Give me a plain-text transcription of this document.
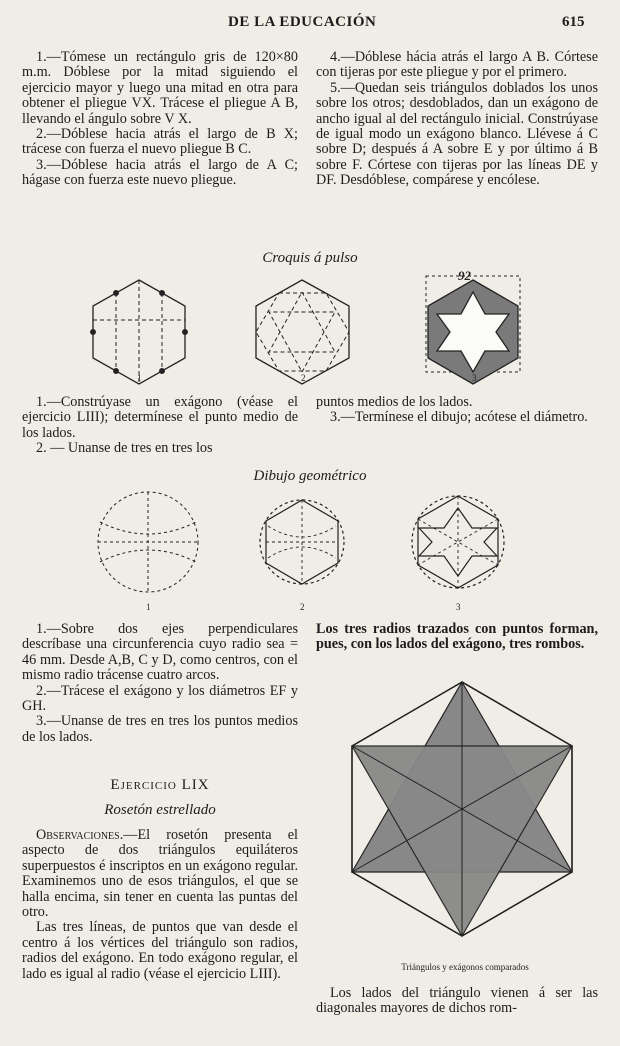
DE LA EDUCACIÓN	615

1.—Tómese un rectángulo gris de 120×80 m.m. Dóblese por la mitad siguiendo el ejercicio mayor y luego una mitad en otra para obtener el pliegue VX. Trácese el pliegue A B, llevando el ángulo sobre V X.

2.—Dóblese hacia atrás el largo de B X; trácese con fuerza el nuevo pliegue B C.

3.—Dóblese hacia atrás el largo de A C; hágase con fuerza este nuevo pliegue.

4.—Dóblese hácia atrás el largo A B. Córtese con tijeras por este pliegue y por el primero.

5.—Quedan seis triángulos doblados los unos sobre los otros; desdoblados, dan un exágono de ancho igual al del rectángulo inicial. Constrúyase de igual modo un exágono blanco. Llévese á C sobre D; después á A sobre E y por último á B sobre F. Córtese con tijeras por las líneas DE y DF. Desdóblese, compárese y encólese.

Croquis á pulso
92
1	2	3

1.—Constrúyase un exágono (véase el ejercicio LIII); determínese el punto medio de los lados.

2. — Unanse de tres en tres los

puntos medios de los lados.

3.—Termínese el dibujo; acótese el diámetro.

Dibujo geométrico
1	2	3

1.—Sobre dos ejes perpendiculares descríbase una circunferencia cuyo radio sea = 46 mm. Desde A,B, C y D, como centros, con el mismo radio trácense cuatro arcos.

2.—Trácese el exágono y los diámetros EF y GH.

3.—Unanse de tres en tres los puntos medios de los lados.

Los tres radios trazados con puntos forman, pues, con los lados del exágono, tres rombos.

Ejercicio LIX
Rosetón estrellado

Observaciones.—El rosetón presenta el aspecto de dos triángulos equiláteros superpuestos é inscriptos en un exágono regular. Examinemos uno de esos triángulos, el que se halla encima, sin tener en cuenta las puntas del otro.

Las tres líneas, de puntos que van desde el centro á los vértices del triángulo son radios, radios del exágono. En todo exágono regular, el lado es igual al radio (véase el ejercicio LIII).	Triángulos y exágonos comparados

Los lados del triángulo vienen á ser las diagonales mayores de dichos rom-
